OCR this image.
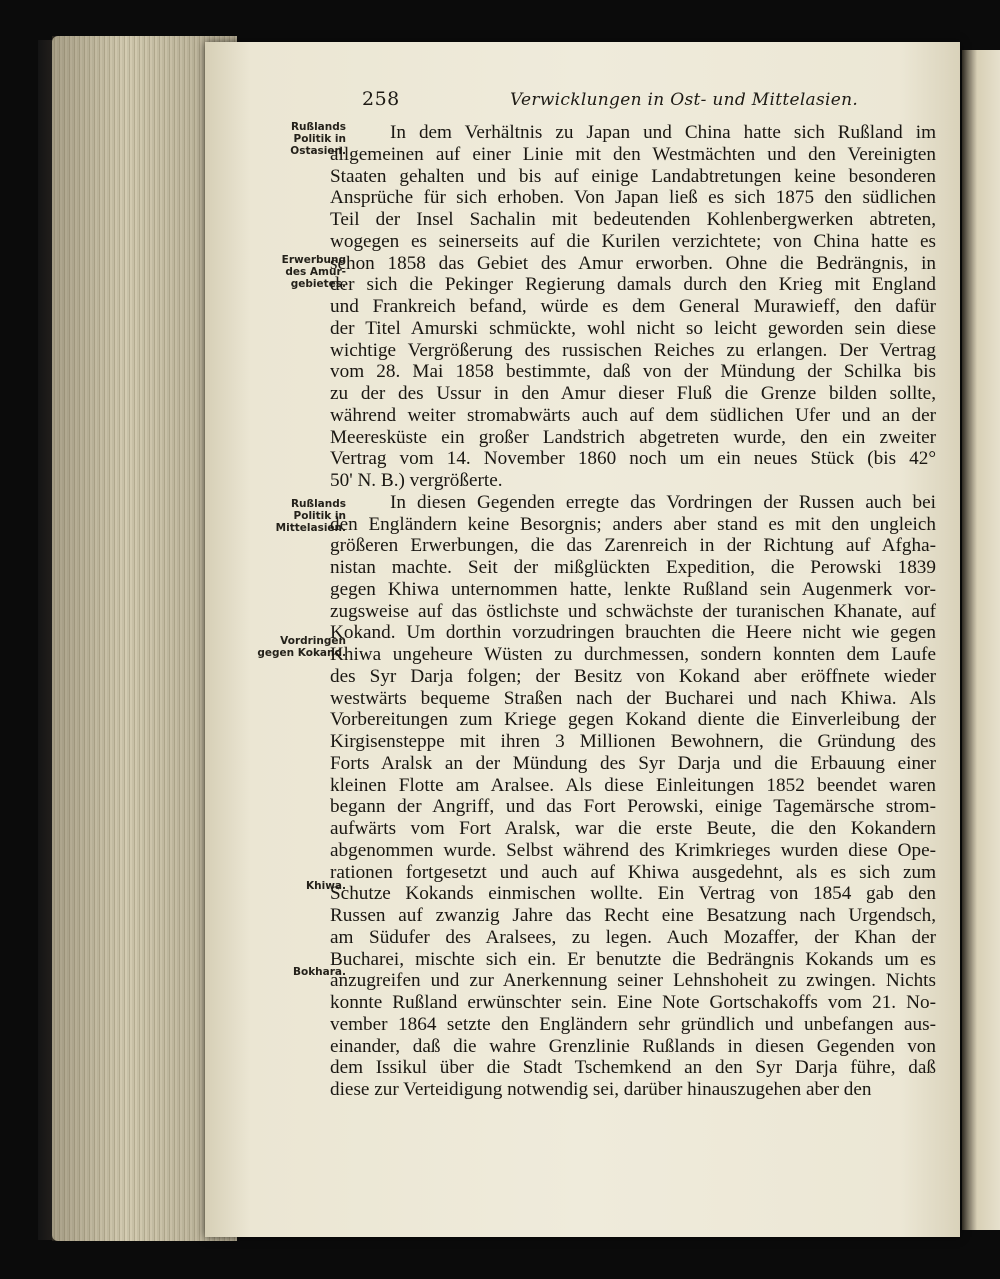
258	Verwicklungen in Ost- und Mittelasien.
Rußlands
Politik in
Ostasien.
Erwerbung
des Amur-
gebietes.
Rußlands
Politik in
Mittelasien.
Vordringen
gegen Kokand.
Khiwa.
Bokhara.
In dem Verhältnis zu Japan und China hatte sich Rußland im
allgemeinen auf einer Linie mit den Westmächten und den Vereinigten
Staaten gehalten und bis auf einige Landabtretungen keine besonderen
Ansprüche für sich erhoben. Von Japan ließ es sich 1875 den südlichen
Teil der Insel Sachalin mit bedeutenden Kohlenbergwerken abtreten,
wogegen es seinerseits auf die Kurilen verzichtete; von China hatte es
schon 1858 das Gebiet des Amur erworben. Ohne die Bedrängnis, in
der sich die Pekinger Regierung damals durch den Krieg mit England
und Frankreich befand, würde es dem General Murawieff, den dafür
der Titel Amurski schmückte, wohl nicht so leicht geworden sein diese
wichtige Vergrößerung des russischen Reiches zu erlangen. Der Vertrag
vom 28. Mai 1858 bestimmte, daß von der Mündung der Schilka bis
zu der des Ussur in den Amur dieser Fluß die Grenze bilden sollte,
während weiter stromabwärts auch auf dem südlichen Ufer und an der
Meeresküste ein großer Landstrich abgetreten wurde, den ein zweiter
Vertrag vom 14. November 1860 noch um ein neues Stück (bis 42°
50' N. B.) vergrößerte.
In diesen Gegenden erregte das Vordringen der Russen auch bei
den Engländern keine Besorgnis; anders aber stand es mit den ungleich
größeren Erwerbungen, die das Zarenreich in der Richtung auf Afgha-
nistan machte. Seit der mißglückten Expedition, die Perowski 1839
gegen Khiwa unternommen hatte, lenkte Rußland sein Augenmerk vor-
zugsweise auf das östlichste und schwächste der turanischen Khanate, auf
Kokand. Um dorthin vorzudringen brauchten die Heere nicht wie gegen
Khiwa ungeheure Wüsten zu durchmessen, sondern konnten dem Laufe
des Syr Darja folgen; der Besitz von Kokand aber eröffnete wieder
westwärts bequeme Straßen nach der Bucharei und nach Khiwa. Als
Vorbereitungen zum Kriege gegen Kokand diente die Einverleibung der
Kirgisensteppe mit ihren 3 Millionen Bewohnern, die Gründung des
Forts Aralsk an der Mündung des Syr Darja und die Erbauung einer
kleinen Flotte am Aralsee. Als diese Einleitungen 1852 beendet waren
begann der Angriff, und das Fort Perowski, einige Tagemärsche strom-
aufwärts vom Fort Aralsk, war die erste Beute, die den Kokandern
abgenommen wurde. Selbst während des Krimkrieges wurden diese Ope-
rationen fortgesetzt und auch auf Khiwa ausgedehnt, als es sich zum
Schutze Kokands einmischen wollte. Ein Vertrag von 1854 gab den
Russen auf zwanzig Jahre das Recht eine Besatzung nach Urgendsch,
am Südufer des Aralsees, zu legen. Auch Mozaffer, der Khan der
Bucharei, mischte sich ein. Er benutzte die Bedrängnis Kokands um es
anzugreifen und zur Anerkennung seiner Lehnshoheit zu zwingen. Nichts
konnte Rußland erwünschter sein. Eine Note Gortschakoffs vom 21. No-
vember 1864 setzte den Engländern sehr gründlich und unbefangen aus-
einander, daß die wahre Grenzlinie Rußlands in diesen Gegenden von
dem Issikul über die Stadt Tschemkend an den Syr Darja führe, daß
diese zur Verteidigung notwendig sei, darüber hinauszugehen aber den
